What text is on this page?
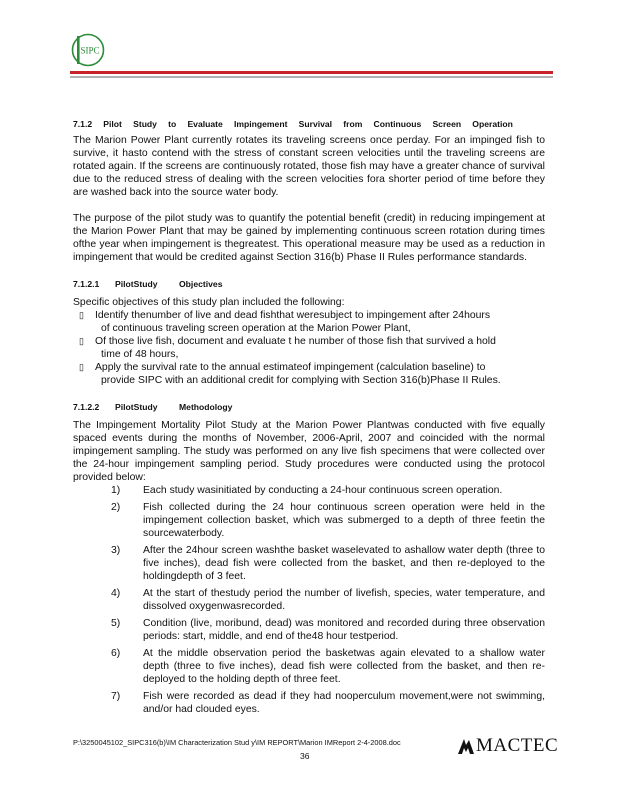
SIPC
7.1.2 Pilot Study to Evaluate Impingement Survival from Continuous Screen Operation

The Marion Power Plant currently rotates its traveling screens once perday. For an impinged fish to survive, it hasto contend with the stress of constant screen velocities until the traveling screens are rotated again. If the screens are continuously rotated, those fish may have a greater chance of survival due to the reduced stress of dealing with the screen velocities fora shorter period of time before they are washed back into the source water body.

The purpose of the pilot study was to quantify the potential benefit (credit) in reducing impingement at the Marion Power Plant that may be gained by implementing continuous screen rotation during times ofthe year when impingement is thegreatest. This operational measure may be used as a reduction in impingement that would be credited against Section 316(b) Phase II Rules performance standards.

7.1.2.1	PilotStudy	Objectives

Specific objectives of this study plan included the following:

▯ Identify thenumber of live and dead fishthat weresubject to impingement after 24hours
of continuous traveling screen operation at the Marion Power Plant,
▯ Of those live fish, document and evaluate t he number of those fish that survived a hold
time of 48 hours,
▯ Apply the survival rate to the annual estimateof impingement (calculation baseline) to
provide SIPC with an additional credit for complying with Section 316(b)Phase II Rules.
7.1.2.2	PilotStudy	Methodology

The Impingement Mortality Pilot Study at the Marion Power Plantwas conducted with five equally spaced events during the months of November, 2006-April, 2007 and coincided with the normal impingement sampling. The study was performed on any live fish specimens that were collected over the 24-hour impingement sampling period. Study procedures were conducted using the protocol provided below:

1) Each study wasinitiated by conducting a 24-hour continuous screen operation.
2) Fish collected during the 24 hour continuous screen operation were held in the impingement collection basket, which was submerged to a depth of three feetin the sourcewaterbody.
3) After the 24hour screen washthe basket waselevated to ashallow water depth (three to five inches), dead fish were collected from the basket, and then re-deployed to the holdingdepth of 3 feet.
4) At the start of thestudy period the number of livefish, species, water temperature, and dissolved oxygenwasrecorded.
5) Condition (live, moribund, dead) was monitored and recorded during three observation periods: start, middle, and end of the48 hour testperiod.
6) At the middle observation period the basketwas again elevated to a shallow water depth (three to five inches), dead fish were collected from the basket, and then re-deployed to the holding depth of three feet.
7) Fish were recorded as dead if they had nooperculum movement,were not swimming, and/or had clouded eyes.
P:\3250045102_SIPC316(b)\IM Characterization Stud y\IM REPORT\Marion IMReport 2-4-2008.doc
36	MACTEC
